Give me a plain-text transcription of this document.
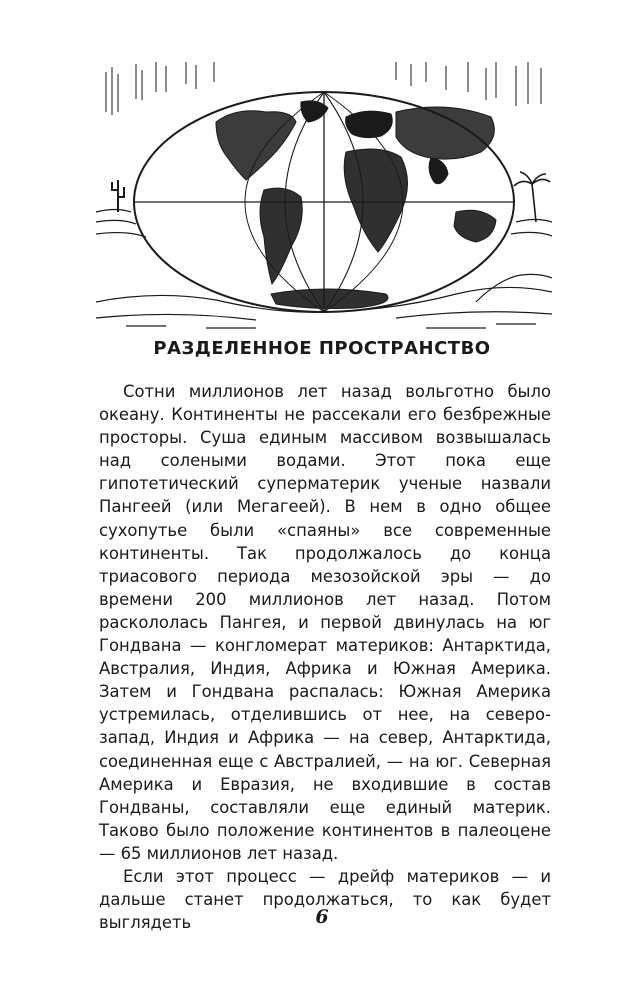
РАЗДЕЛЕННОЕ ПРОСТРАНСТВО

Сотни миллионов лет назад вольготно было океану. Континенты не рассекали его безбрежные просторы. Суша единым массивом возвышалась над солеными водами. Этот пока еще гипотетический суперматерик ученые назвали Пангеей (или Мегагеей). В нем в одно общее сухопутье были «спаяны» все современные континенты. Так продолжалось до конца триасового периода мезозойской эры — до времени 200 миллионов лет назад. Потом раскололась Пангея, и первой двинулась на юг Гондвана — конгломерат материков: Антарктида, Австралия, Индия, Африка и Южная Америка. Затем и Гондвана распалась: Южная Америка устремилась, отделившись от нее, на северо-запад, Индия и Африка — на север, Антарктида, соединенная еще с Австралией, — на юг. Северная Америка и Евразия, не входившие в состав Гондваны, составляли еще единый материк. Таково было положение континентов в палеоцене — 65 миллионов лет назад.

Если этот процесс — дрейф материков — и дальше станет продолжаться, то как будет выглядеть	6
